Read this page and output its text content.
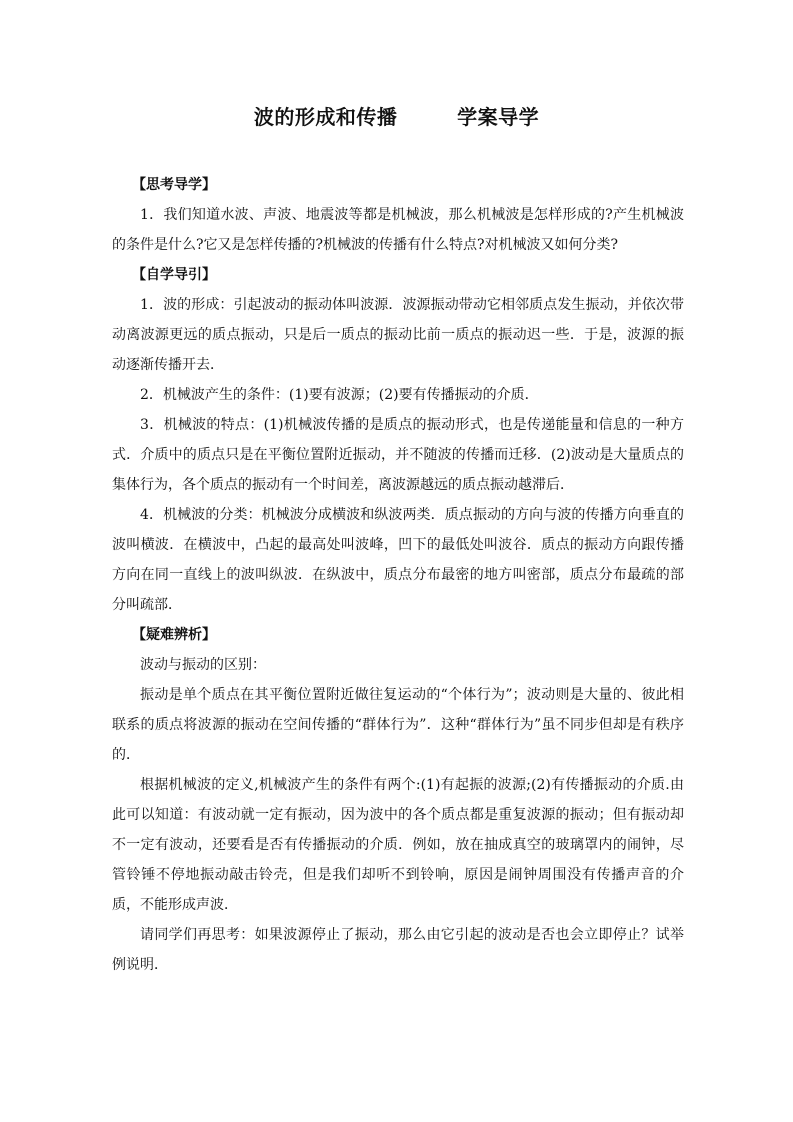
波的形成和传播        学案导学
【思考导学】

1．我们知道水波、声波、地震波等都是机械波，那么机械波是怎样形成的?产生机械波的条件是什么?它又是怎样传播的?机械波的传播有什么特点?对机械波又如何分类?

【自学导引】

1．波的形成：引起波动的振动体叫波源．波源振动带动它相邻质点发生振动，并依次带动离波源更远的质点振动，只是后一质点的振动比前一质点的振动迟一些．于是，波源的振动逐渐传播开去．

2．机械波产生的条件：(1)要有波源；(2)要有传播振动的介质．

3．机械波的特点：(1)机械波传播的是质点的振动形式，也是传递能量和信息的一种方式．介质中的质点只是在平衡位置附近振动，并不随波的传播而迁移．(2)波动是大量质点的集体行为，各个质点的振动有一个时间差，离波源越远的质点振动越滞后．

4．机械波的分类：机械波分成横波和纵波两类．质点振动的方向与波的传播方向垂直的波叫横波．在横波中，凸起的最高处叫波峰，凹下的最低处叫波谷．质点的振动方向跟传播方向在同一直线上的波叫纵波．在纵波中，质点分布最密的地方叫密部，质点分布最疏的部分叫疏部．

【疑难辨析】

波动与振动的区别：

振动是单个质点在其平衡位置附近做往复运动的“个体行为”；波动则是大量的、彼此相联系的质点将波源的振动在空间传播的“群体行为”．这种“群体行为”虽不同步但却是有秩序的．

根据机械波的定义,机械波产生的条件有两个:(1)有起振的波源;(2)有传播振动的介质.由此可以知道：有波动就一定有振动，因为波中的各个质点都是重复波源的振动；但有振动却不一定有波动，还要看是否有传播振动的介质．例如，放在抽成真空的玻璃罩内的闹钟，尽管铃锤不停地振动敲击铃壳，但是我们却听不到铃响，原因是闹钟周围没有传播声音的介质，不能形成声波．

请同学们再思考：如果波源停止了振动，那么由它引起的波动是否也会立即停止？试举例说明．
